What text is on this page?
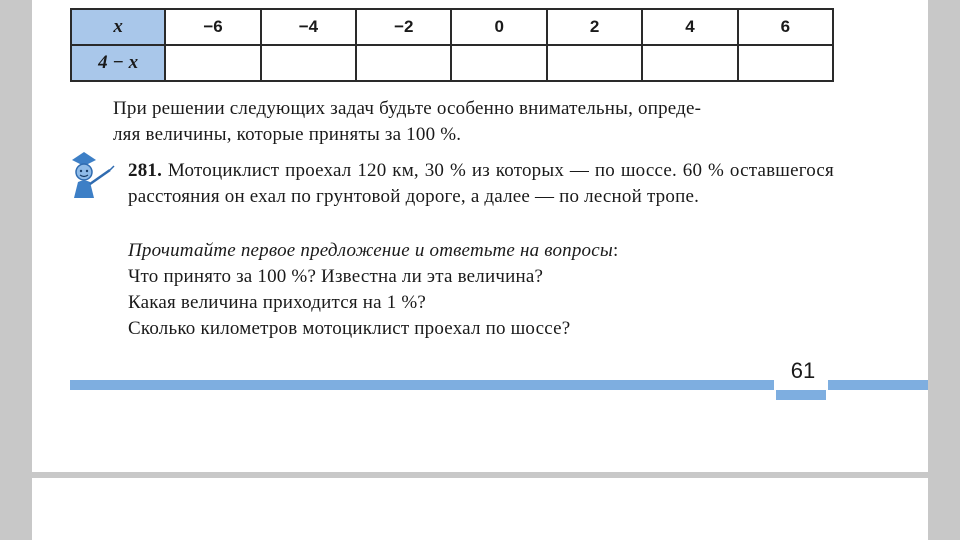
x	−6	−4	−2	0	2	4	6
4 − x							
При решении следующих задач будьте особенно внимательны, опреде-
ляя величины, которые приняты за 100 %.
281. Мотоциклист проехал 120 км, 30 % из которых — по шоссе. 60 % оставшегося расстояния он ехал по грунтовой дороге, а далее — по лесной тропе.
Прочитайте первое предложение и ответьте на вопросы:
Что принято за 100 %? Известна ли эта величина?
Какая величина приходится на 1 %?
Сколько километров мотоциклист проехал по шоссе?
61
